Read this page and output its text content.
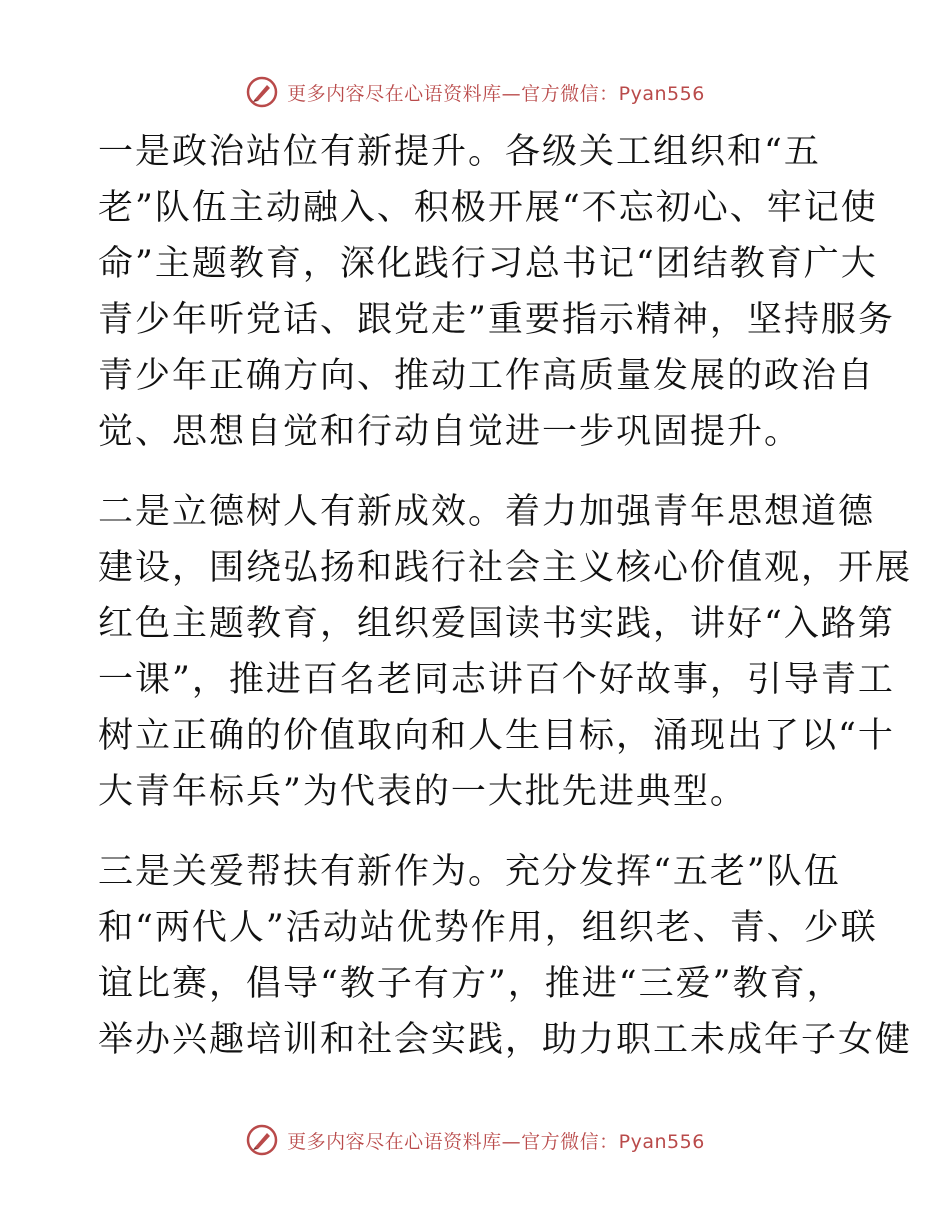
更多内容尽在心语资料库—官方微信：Pyan556
一是政治站位有新提升。各级关工组织和“五
老”队伍主动融入、积极开展“不忘初心、牢记使
命”主题教育，深化践行习总书记“团结教育广大
青少年听党话、跟党走”重要指示精神，坚持服务
青少年正确方向、推动工作高质量发展的政治自
觉、思想自觉和行动自觉进一步巩固提升。
二是立德树人有新成效。着力加强青年思想道德
建设，围绕弘扬和践行社会主义核心价值观，开展
红色主题教育，组织爱国读书实践，讲好“入路第
一课”，推进百名老同志讲百个好故事，引导青工
树立正确的价值取向和人生目标，涌现出了以“十
大青年标兵”为代表的一大批先进典型。
三是关爱帮扶有新作为。充分发挥“五老”队伍
和“两代人”活动站优势作用，组织老、青、少联
谊比赛，倡导“教子有方”，推进“三爱”教育，
举办兴趣培训和社会实践，助力职工未成年子女健
更多内容尽在心语资料库—官方微信：Pyan556
